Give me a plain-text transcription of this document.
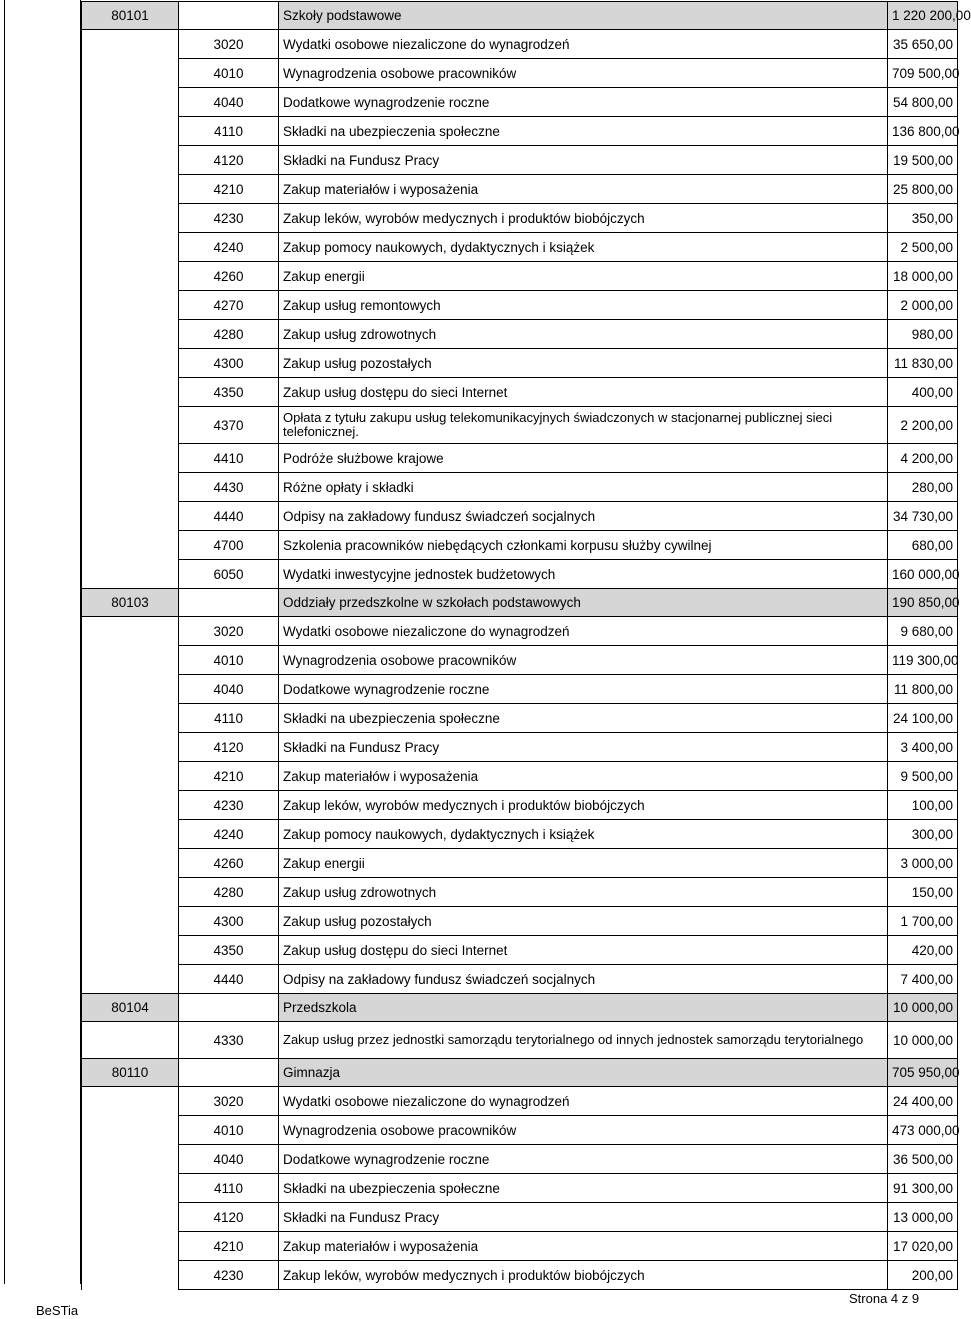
80101		Szkoły podstawowe	1 220 200,00
	3020	Wydatki osobowe niezaliczone do wynagrodzeń	35 650,00
	4010	Wynagrodzenia osobowe pracowników	709 500,00
	4040	Dodatkowe wynagrodzenie roczne	54 800,00
	4110	Składki na ubezpieczenia społeczne	136 800,00
	4120	Składki na Fundusz Pracy	19 500,00
	4210	Zakup materiałów i wyposażenia	25 800,00
	4230	Zakup leków, wyrobów medycznych i produktów biobójczych	350,00
	4240	Zakup pomocy naukowych, dydaktycznych i książek	2 500,00
	4260	Zakup energii	18 000,00
	4270	Zakup usług remontowych	2 000,00
	4280	Zakup usług zdrowotnych	980,00
	4300	Zakup usług pozostałych	11 830,00
	4350	Zakup usług dostępu do sieci Internet	400,00
	4370	Opłata z tytułu zakupu usług telekomunikacyjnych świadczonych w stacjonarnej publicznej sieci telefonicznej.	2 200,00
	4410	Podróże służbowe krajowe	4 200,00
	4430	Różne opłaty i składki	280,00
	4440	Odpisy na zakładowy fundusz świadczeń socjalnych	34 730,00
	4700	Szkolenia pracowników niebędących członkami korpusu służby cywilnej	680,00
	6050	Wydatki inwestycyjne jednostek budżetowych	160 000,00
80103		Oddziały przedszkolne w szkołach podstawowych	190 850,00
	3020	Wydatki osobowe niezaliczone do wynagrodzeń	9 680,00
	4010	Wynagrodzenia osobowe pracowników	119 300,00
	4040	Dodatkowe wynagrodzenie roczne	11 800,00
	4110	Składki na ubezpieczenia społeczne	24 100,00
	4120	Składki na Fundusz Pracy	3 400,00
	4210	Zakup materiałów i wyposażenia	9 500,00
	4230	Zakup leków, wyrobów medycznych i produktów biobójczych	100,00
	4240	Zakup pomocy naukowych, dydaktycznych i książek	300,00
	4260	Zakup energii	3 000,00
	4280	Zakup usług zdrowotnych	150,00
	4300	Zakup usług pozostałych	1 700,00
	4350	Zakup usług dostępu do sieci Internet	420,00
	4440	Odpisy na zakładowy fundusz świadczeń socjalnych	7 400,00
80104		Przedszkola	10 000,00
	4330	Zakup usług przez jednostki samorządu terytorialnego od innych jednostek samorządu terytorialnego	10 000,00
80110		Gimnazja	705 950,00
	3020	Wydatki osobowe niezaliczone do wynagrodzeń	24 400,00
	4010	Wynagrodzenia osobowe pracowników	473 000,00
	4040	Dodatkowe wynagrodzenie roczne	36 500,00
	4110	Składki na ubezpieczenia społeczne	91 300,00
	4120	Składki na Fundusz Pracy	13 000,00
	4210	Zakup materiałów i wyposażenia	17 020,00
	4230	Zakup leków, wyrobów medycznych i produktów biobójczych	200,00
BeSTia
Strona 4 z 9
